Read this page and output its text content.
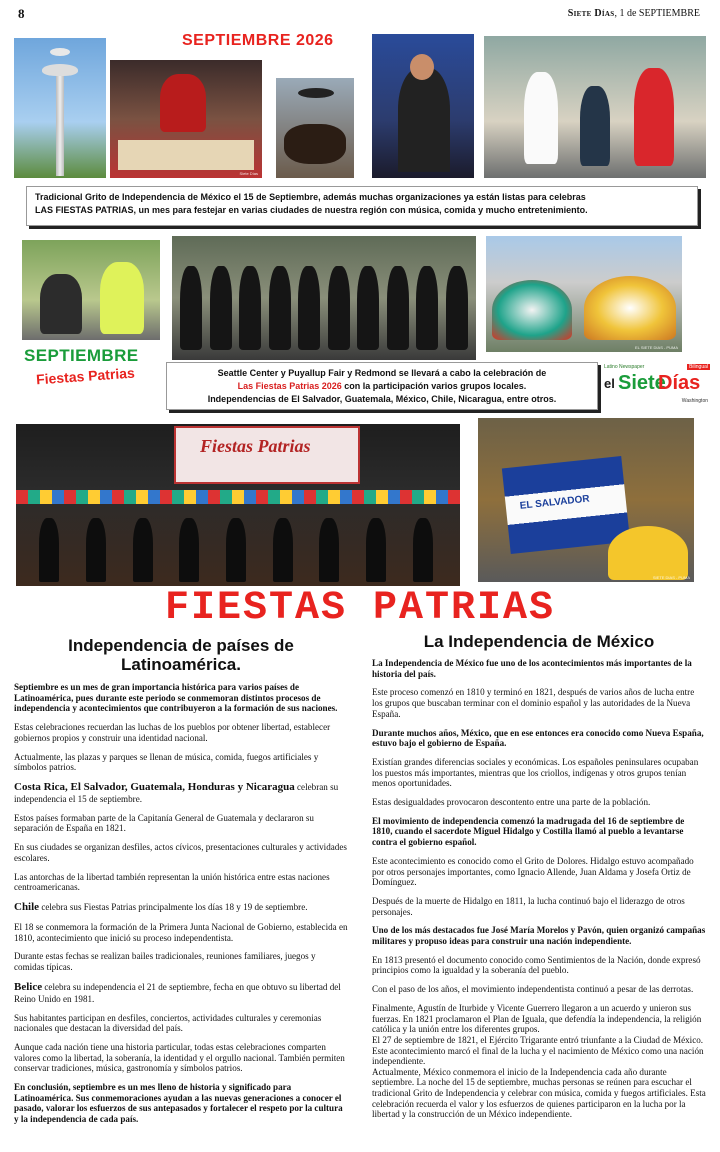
8	Siete Días, 1 de SEPTIEMBRE
Siete Días
SEPTIEMBRE 2026
Tradicional Grito de Independencia de México el 15 de Septiembre, además muchas organizaciones ya están listas para celebras
LAS FIESTAS PATRIAS, un mes para festejar en varias ciudades de nuestra región con música, comida y mucho entretenimiento.
EL SIETE DIAS - PUMA
SEPTIEMBRE
Fiestas Patrias	Seattle Center y Puyallup Fair y Redmond se llevará a cabo la celebración de
Las Fiestas Patrias 2026 con la participación varios grupos locales.
Independencias de El Salvador, Guatemala, México, Chile, Nicaragua, entre otros.
Latino Newspaper	Bilingual
el Siete
Días
Washington
Fiestas Patrias
EL SALVADOR
SIETE DIAS - PUMA
FIESTAS PATRIAS
Independencia de países de Latinoamérica.

Septiembre es un mes de gran importancia histórica para varios países de Latinoamérica, pues durante este periodo se conmemoran distintos procesos de independencia y acontecimientos que contribuyeron a la formación de sus naciones.

Estas celebraciones recuerdan las luchas de los pueblos por obtener libertad, establecer gobiernos propios y construir una identidad nacional.

Actualmente, las plazas y parques se llenan de música, comida, fuegos artificiales y símbolos patrios.

Costa Rica, El Salvador, Guatemala, Honduras y Nicaragua celebran su independencia el 15 de septiembre.

Estos países formaban parte de la Capitanía General de Guatemala y declararon su separación de España en 1821.

En sus ciudades se organizan desfiles, actos cívicos, presentaciones culturales y actividades escolares.

Las antorchas de la libertad también representan la unión histórica entre estas naciones centroamericanas.

Chile celebra sus Fiestas Patrias principalmente los días 18 y 19 de septiembre.

El 18 se conmemora la formación de la Primera Junta Nacional de Gobierno, establecida en 1810, acontecimiento que inició su proceso independentista.

Durante estas fechas se realizan bailes tradicionales, reuniones familiares, juegos y comidas típicas.

Belice celebra su independencia el 21 de septiembre, fecha en que obtuvo su libertad del Reino Unido en 1981.

Sus habitantes participan en desfiles, conciertos, actividades culturales y ceremonias nacionales que destacan la diversidad del país.

Aunque cada nación tiene una historia particular, todas estas celebraciones comparten valores como la libertad, la soberanía, la identidad y el orgullo nacional. También permiten conservar tradiciones, música, gastronomía y símbolos patrios.

En conclusión, septiembre es un mes lleno de historia y significado para Latinoamérica. Sus conmemoraciones ayudan a las nuevas generaciones a conocer el pasado, valorar los esfuerzos de sus antepasados y fortalecer el respeto por la cultura y la independencia de cada país.

La Independencia de México

La Independencia de México fue uno de los acontecimientos más importantes de la historia del país.

Este proceso comenzó en 1810 y terminó en 1821, después de varios años de lucha entre los grupos que buscaban terminar con el dominio español y las autoridades de la Nueva España.

Durante muchos años, México, que en ese entonces era conocido como Nueva España, estuvo bajo el gobierno de España.

Existían grandes diferencias sociales y económicas. Los españoles peninsulares ocupaban los puestos más importantes, mientras que los criollos, indígenas y otros grupos tenían menos oportunidades.

Estas desigualdades provocaron descontento entre una parte de la población.

El movimiento de independencia comenzó la madrugada del 16 de septiembre de 1810, cuando el sacerdote Miguel Hidalgo y Costilla llamó al pueblo a levantarse contra el gobierno español.

Este acontecimiento es conocido como el Grito de Dolores. Hidalgo estuvo acompañado por otros personajes importantes, como Ignacio Allende, Juan Aldama y Josefa Ortiz de Domínguez.

Después de la muerte de Hidalgo en 1811, la lucha continuó bajo el liderazgo de otros personajes.

Uno de los más destacados fue José María Morelos y Pavón, quien organizó campañas militares y propuso ideas para construir una nación independiente.

En 1813 presentó el documento conocido como Sentimientos de la Nación, donde expresó principios como la igualdad y la soberanía del pueblo.

Con el paso de los años, el movimiento independentista continuó a pesar de las derrotas.

Finalmente, Agustín de Iturbide y Vicente Guerrero llegaron a un acuerdo y unieron sus fuerzas. En 1821 proclamaron el Plan de Iguala, que defendía la independencia, la religión católica y la unión entre los diferentes grupos.

El 27 de septiembre de 1821, el Ejército Trigarante entró triunfante a la Ciudad de México. Este acontecimiento marcó el final de la lucha y el nacimiento de México como una nación independiente.

Actualmente, México conmemora el inicio de la Independencia cada año durante septiembre. La noche del 15 de septiembre, muchas personas se reúnen para escuchar el tradicional Grito de Independencia y celebrar con música, comida y fuegos artificiales. Esta celebración recuerda el valor y los esfuerzos de quienes participaron en la lucha por la libertad y la construcción de un México independiente.
